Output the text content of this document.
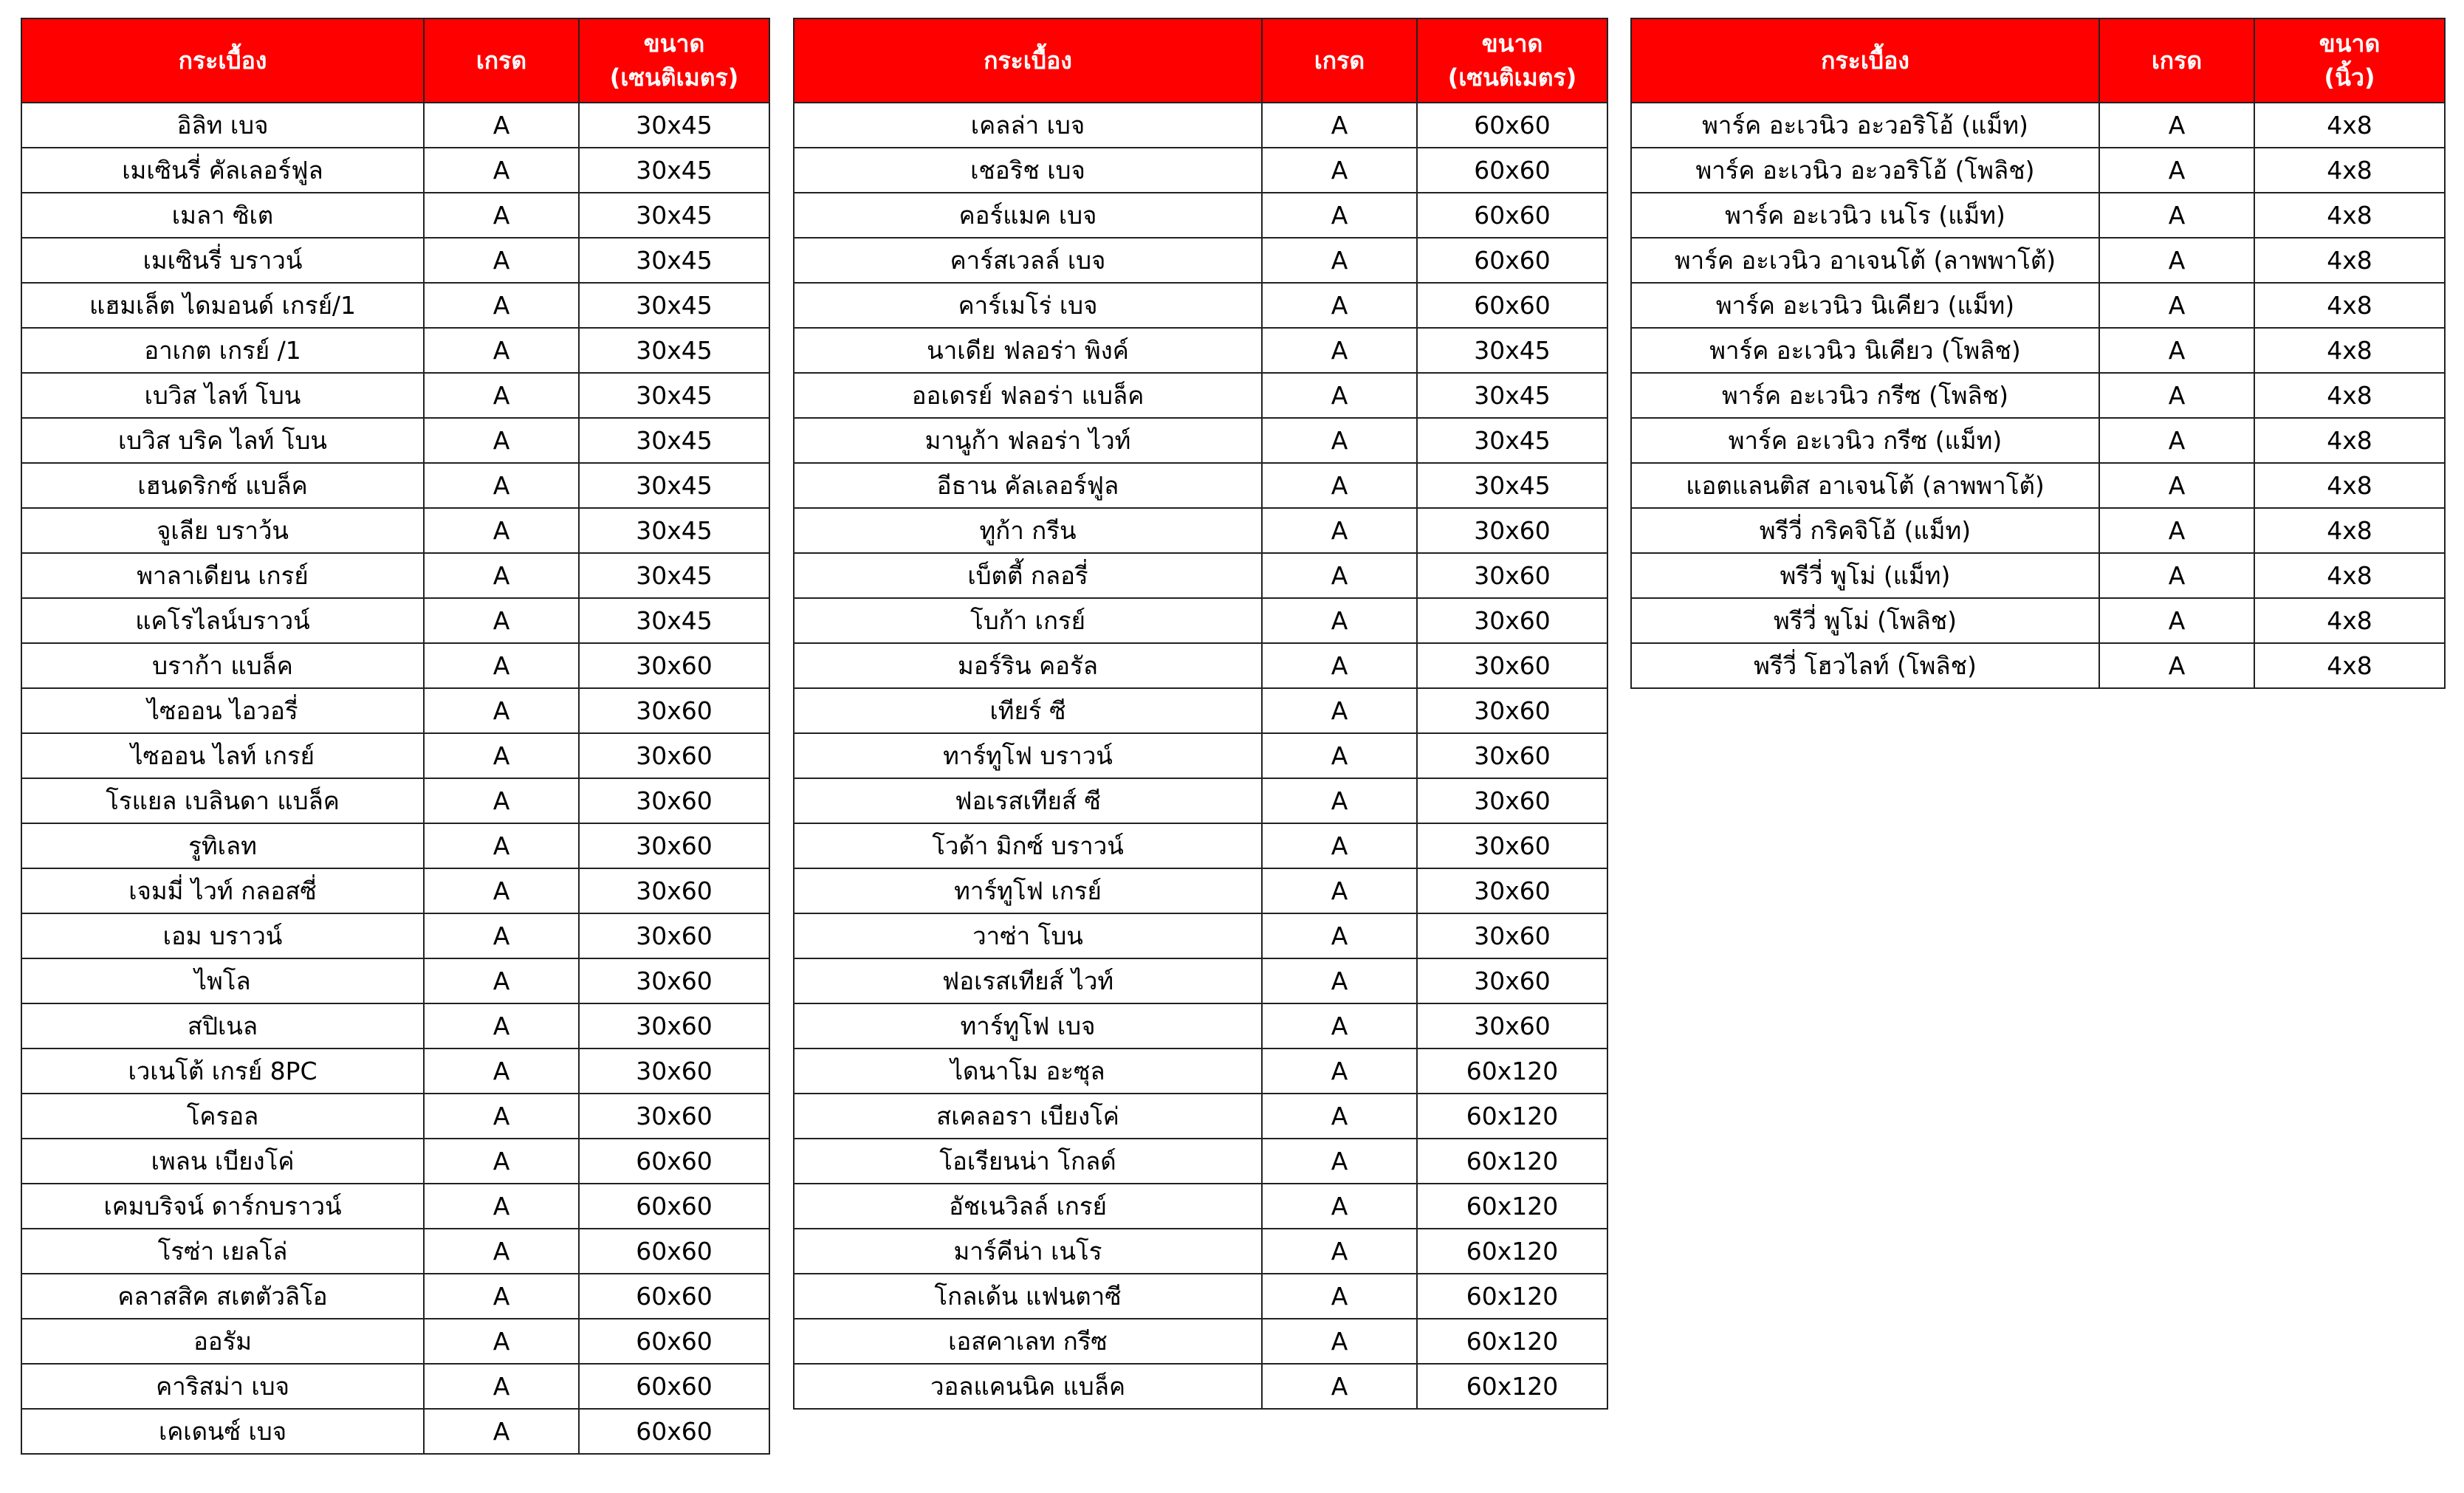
กระเบื้อง	เกรด	ขนาด
(เซนติเมตร)

อิลิท เบจ	A	30x45
เมเซินรี่ คัลเลอร์ฟูล	A	30x45
เมลา ซิเต	A	30x45
เมเซินรี่ บราวน์	A	30x45
แฮมเล็ต ไดมอนด์ เกรย์/1	A	30x45
อาเกต เกรย์ /1	A	30x45
เบวิส ไลท์ โบน	A	30x45
เบวิส บริค ไลท์ โบน	A	30x45
เฮนดริกซ์ แบล็ค	A	30x45
จูเลีย บราว้น	A	30x45
พาลาเดียน เกรย์	A	30x45
แคโรไลน์บราวน์	A	30x45
บราก้า แบล็ค	A	30x60
ไซออน ไอวอรี่	A	30x60
ไซออน ไลท์ เกรย์	A	30x60
โรแยล เบลินดา แบล็ค	A	30x60
รูทิเลท	A	30x60
เจมมี่ ไวท์ กลอสซี่	A	30x60
เอม บราวน์	A	30x60
ไพโล	A	30x60
สปิเนล	A	30x60
เวเนโต้ เกรย์ 8PC	A	30x60
โครอล	A	30x60
เพลน เบียงโค่	A	60x60
เคมบริจน์ ดาร์กบราวน์	A	60x60
โรซ่า เยลโล่	A	60x60
คลาสสิค สเตตัวลิโอ	A	60x60
ออรัม	A	60x60
คาริสม่า เบจ	A	60x60
เคเดนซ์ เบจ	A	60x60
กระเบื้อง	เกรด	ขนาด
(เซนติเมตร)

เคลล่า เบจ	A	60x60
เชอริช เบจ	A	60x60
คอร์แมค เบจ	A	60x60
คาร์สเวลล์ เบจ	A	60x60
คาร์เมโร่ เบจ	A	60x60
นาเดีย ฟลอร่า พิงค์	A	30x45
ออเดรย์ ฟลอร่า แบล็ค	A	30x45
มานูก้า ฟลอร่า ไวท์	A	30x45
อีธาน คัลเลอร์ฟูล	A	30x45
ทูก้า กรีน	A	30x60
เบ็ตตี้ กลอรี่	A	30x60
โบก้า เกรย์	A	30x60
มอร์ริน คอรัล	A	30x60
เทียร์ ซี	A	30x60
ทาร์ทูโฟ บราวน์	A	30x60
ฟอเรสเทียส์ ซี	A	30x60
โวด้า มิกซ์ บราวน์	A	30x60
ทาร์ทูโฟ เกรย์	A	30x60
วาซ่า โบน	A	30x60
ฟอเรสเทียส์ ไวท์	A	30x60
ทาร์ทูโฟ เบจ	A	30x60
ไดนาโม อะซุล	A	60x120
สเคลอรา เบียงโค่	A	60x120
โอเรียนน่า โกลด์	A	60x120
อัชเนวิลล์ เกรย์	A	60x120
มาร์คีน่า เนโร	A	60x120
โกลเด้น แฟนตาซี	A	60x120
เอสคาเลท กรีซ	A	60x120
วอลแคนนิค แบล็ค	A	60x120
กระเบื้อง	เกรด	ขนาด
(นิ้ว)

พาร์ค อะเวนิว อะวอริโอ้ (แม็ท)	A	4x8
พาร์ค อะเวนิว อะวอริโอ้ (โพลิช)	A	4x8
พาร์ค อะเวนิว เนโร (แม็ท)	A	4x8
พาร์ค อะเวนิว อาเจนโต้ (ลาพพาโต้)	A	4x8
พาร์ค อะเวนิว นิเคียว (แม็ท)	A	4x8
พาร์ค อะเวนิว นิเคียว (โพลิช)	A	4x8
พาร์ค อะเวนิว กรีซ (โพลิช)	A	4x8
พาร์ค อะเวนิว กรีซ (แม็ท)	A	4x8
แอตแลนติส อาเจนโต้ (ลาพพาโต้)	A	4x8
พรีวี่ กริคจิโอ้ (แม็ท)	A	4x8
พรีวี่ พูโม่ (แม็ท)	A	4x8
พรีวี่ พูโม่ (โพลิช)	A	4x8
พรีวี่ โฮวไลท์ (โพลิช)	A	4x8
